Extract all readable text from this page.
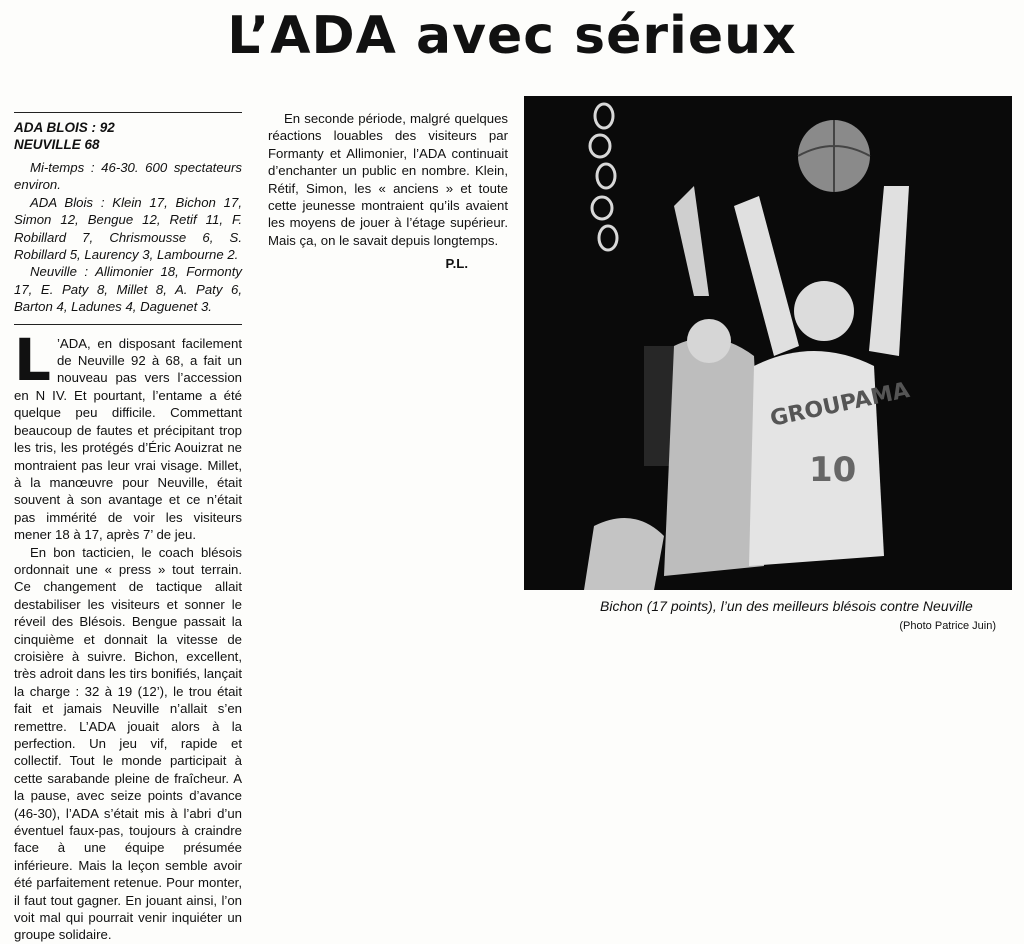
L’ADA avec sérieux
ADA BLOIS : 92
NEUVILLE 68

Mi-temps : 46-30. 600 spectateurs environ.

ADA Blois : Klein 17, Bichon 17, Simon 12, Bengue 12, Retif 11, F. Robillard 7, Chrismousse 6, S. Robillard 5, Laurency 3, Lambourne 2.

Neuville : Allimonier 18, Formonty 17, E. Paty 8, Millet 8, A. Paty 6, Barton 4, Ladunes 4, Daguenet 3.

L ’ADA, en disposant facilement de Neuville 92 à 68, a fait un nouveau pas vers l’accession en N IV. Et pourtant, l’entame a été quelque peu difficile. Commettant beaucoup de fautes et précipitant trop les tris, les protégés d’Éric Aouizrat ne montraient pas leur vrai visage. Millet, à la manœuvre pour Neuville, était souvent à son avantage et ce n’était pas immérité de voir les visiteurs mener 18 à 17, après 7’ de jeu.

En bon tacticien, le coach blésois ordonnait une « press » tout terrain. Ce changement de tactique allait destabiliser les visiteurs et sonner le réveil des Blésois. Bengue passait la cinquième et donnait la vitesse de croisière à suivre. Bichon, excellent, très adroit dans les tirs bonifiés, lançait la charge : 32 à 19 (12’), le trou était fait et jamais Neuville n’allait s’en remettre. L’ADA jouait alors à la perfection. Un jeu vif, rapide et collectif. Tout le monde participait à cette sarabande pleine de fraîcheur. A la pause, avec seize points d’avance (46-30), l’ADA s’était mis à l’abri d’un éventuel faux-pas, toujours à craindre face à une équipe présumée inférieure. Mais la leçon semble avoir été parfaitement retenue. Pour monter, il faut tout gagner. En jouant ainsi, l’on voit mal qui pourrait venir inquiéter un groupe solidaire.

En seconde période, malgré quelques réactions louables des visiteurs par Formanty et Allimonier, l’ADA continuait d’enchanter un public en nombre. Klein, Rétif, Simon, les « anciens » et toute cette jeunesse montraient qu’ils avaient les moyens de jouer à l’étage supérieur. Mais ça, on le savait depuis longtemps.

P.L.

GROUPAMA
10
Bichon (17 points), l’un des meilleurs blésois contre Neuville
(Photo Patrice Juin)
